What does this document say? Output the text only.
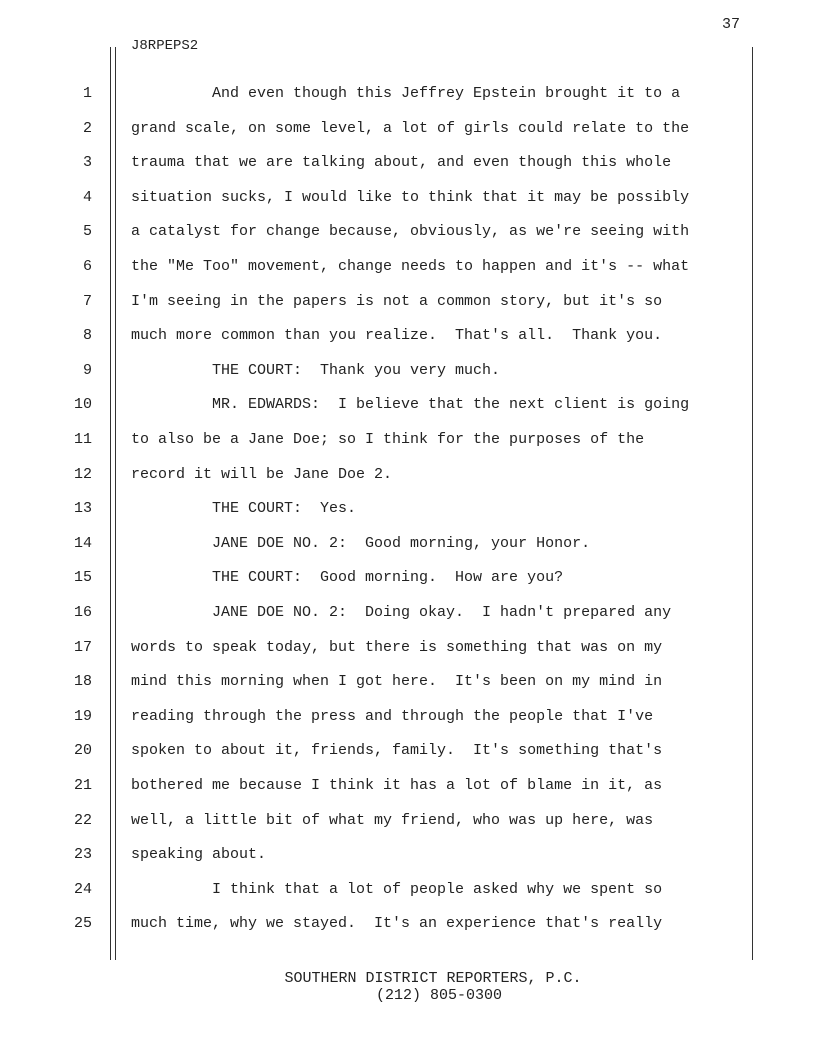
37
J8RPEPS2
1	And even though this Jeffrey Epstein brought it to a
2	grand scale, on some level, a lot of girls could relate to the
3	trauma that we are talking about, and even though this whole
4	situation sucks, I would like to think that it may be possibly
5	a catalyst for change because, obviously, as we're seeing with
6	the "Me Too" movement, change needs to happen and it's -- what
7	I'm seeing in the papers is not a common story, but it's so
8	much more common than you realize.  That's all.  Thank you.
9	THE COURT:  Thank you very much.
10	MR. EDWARDS:  I believe that the next client is going
11	to also be a Jane Doe; so I think for the purposes of the
12	record it will be Jane Doe 2.
13	THE COURT:  Yes.
14	JANE DOE NO. 2:  Good morning, your Honor.
15	THE COURT:  Good morning.  How are you?
16	JANE DOE NO. 2:  Doing okay.  I hadn't prepared any
17	words to speak today, but there is something that was on my
18	mind this morning when I got here.  It's been on my mind in
19	reading through the press and through the people that I've
20	spoken to about it, friends, family.  It's something that's
21	bothered me because I think it has a lot of blame in it, as
22	well, a little bit of what my friend, who was up here, was
23	speaking about.
24	I think that a lot of people asked why we spent so
25	much time, why we stayed.  It's an experience that's really
SOUTHERN DISTRICT REPORTERS, P.C.
(212) 805-0300
